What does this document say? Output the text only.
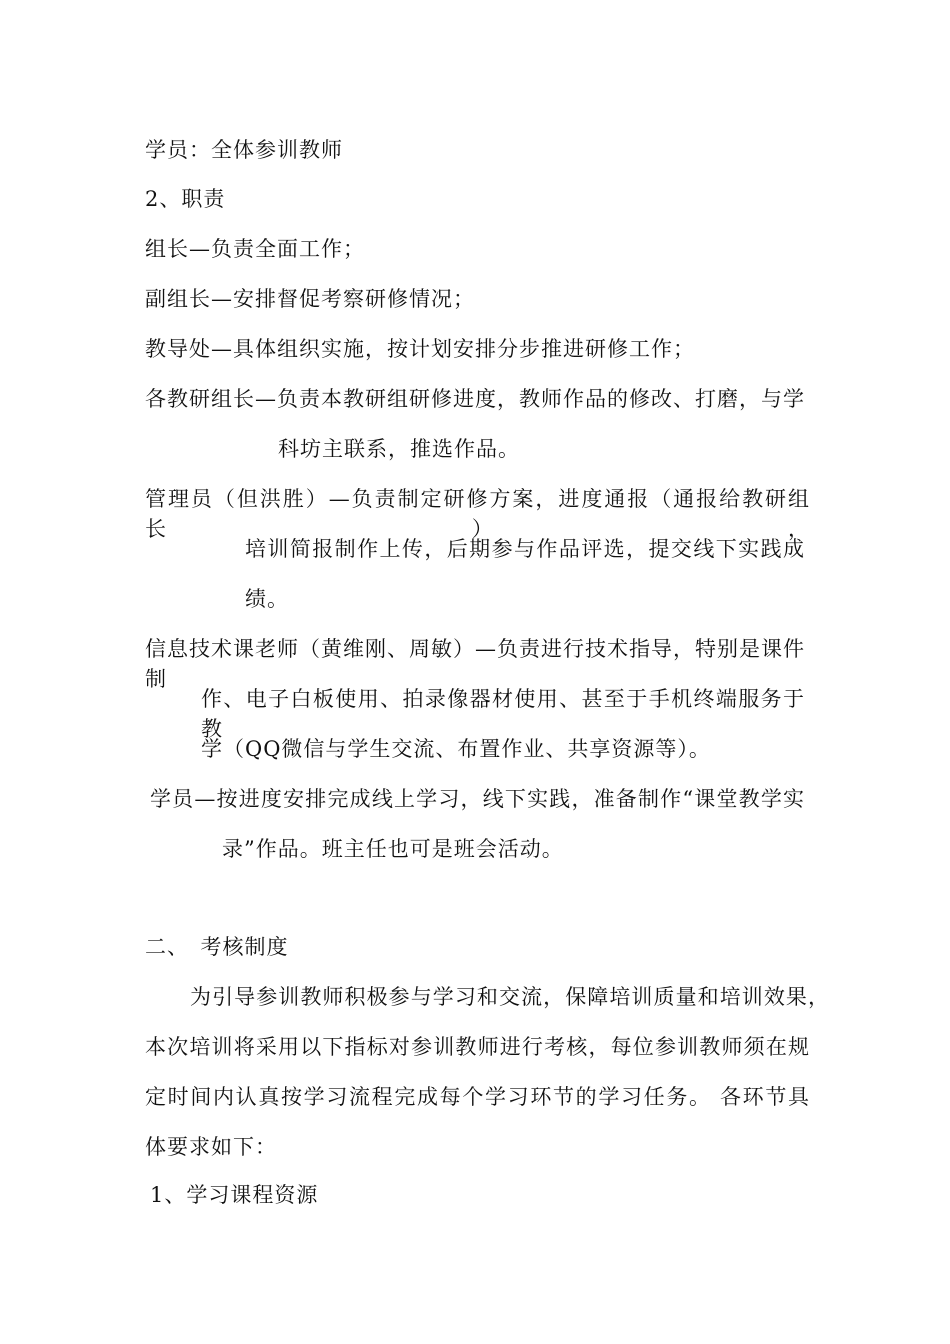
学员：全体参训教师
2、职责
组长—负责全面工作；
副组长—安排督促考察研修情况；
教导处—具体组织实施，按计划安排分步推进研修工作；
各教研组长—负责本教研组研修进度，教师作品的修改、打磨，与学
科坊主联系，推选作品。
管理员（但洪胜）—负责制定研修方案，进度通报（通报给教研组长），
培训简报制作上传，后期参与作品评选，提交线下实践成
绩。
信息技术课老师（黄维刚、周敏）—负责进行技术指导，特别是课件制
作、电子白板使用、拍录像器材使用、甚至于手机终端服务于教
学（QQ微信与学生交流、布置作业、共享资源等）。
学员—按进度安排完成线上学习，线下实践，准备制作“课堂教学实
录”作品。班主任也可是班会活动。
二、　考核制度
为引导参训教师积极参与学习和交流，保障培训质量和培训效果，
本次培训将采用以下指标对参训教师进行考核，每位参训教师须在规
定时间内认真按学习流程完成每个学习环节的学习任务。 各环节具
体要求如下：
1、学习课程资源
